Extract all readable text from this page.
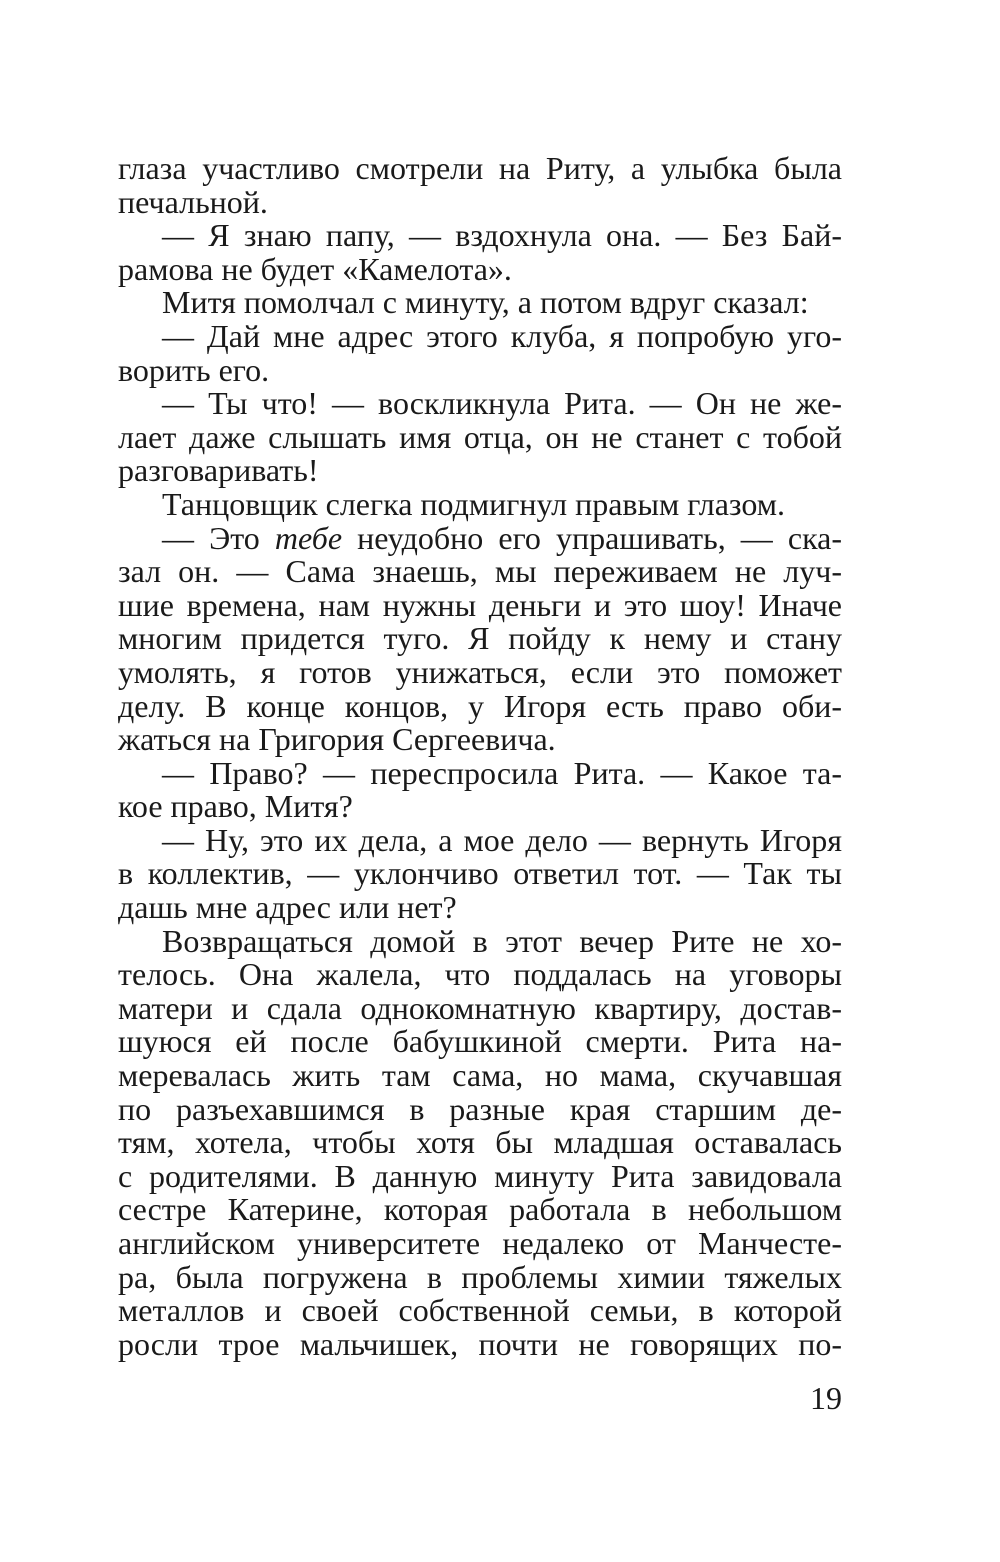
глаза участливо смотрели на Риту, а улыбка была
печальной.
— Я знаю папу, — вздохнула она. — Без Бай-
рамова не будет «Камелота».
Митя помолчал с минуту, а потом вдруг сказал:
— Дай мне адрес этого клуба, я попробую уго-
ворить его.
— Ты что! — воскликнула Рита. — Он не же-
лает даже слышать имя отца, он не станет с тобой
разговаривать!
Танцовщик слегка подмигнул правым глазом.
— Это тебе неудобно его упрашивать, — ска-
зал он. — Сама знаешь, мы переживаем не луч-
шие времена, нам нужны деньги и это шоу! Иначе
многим придется туго. Я пойду к нему и стану
умолять, я готов унижаться, если это поможет
делу. В конце концов, у Игоря есть право оби-
жаться на Григория Сергеевича.
— Право? — переспросила Рита. — Какое та-
кое право, Митя?
— Ну, это их дела, а мое дело — вернуть Игоря
в коллектив, — уклончиво ответил тот. — Так ты
дашь мне адрес или нет?
Возвращаться домой в этот вечер Рите не хо-
телось. Она жалела, что поддалась на уговоры
матери и сдала однокомнатную квартиру, достав-
шуюся ей после бабушкиной смерти. Рита на-
меревалась жить там сама, но мама, скучавшая
по разъехавшимся в разные края старшим де-
тям, хотела, чтобы хотя бы младшая оставалась
с родителями. В данную минуту Рита завидовала
сестре Катерине, которая работала в небольшом
английском университете недалеко от Манчесте-
ра, была погружена в проблемы химии тяжелых
металлов и своей собственной семьи, в которой
росли трое мальчишек, почти не говорящих по-
19
